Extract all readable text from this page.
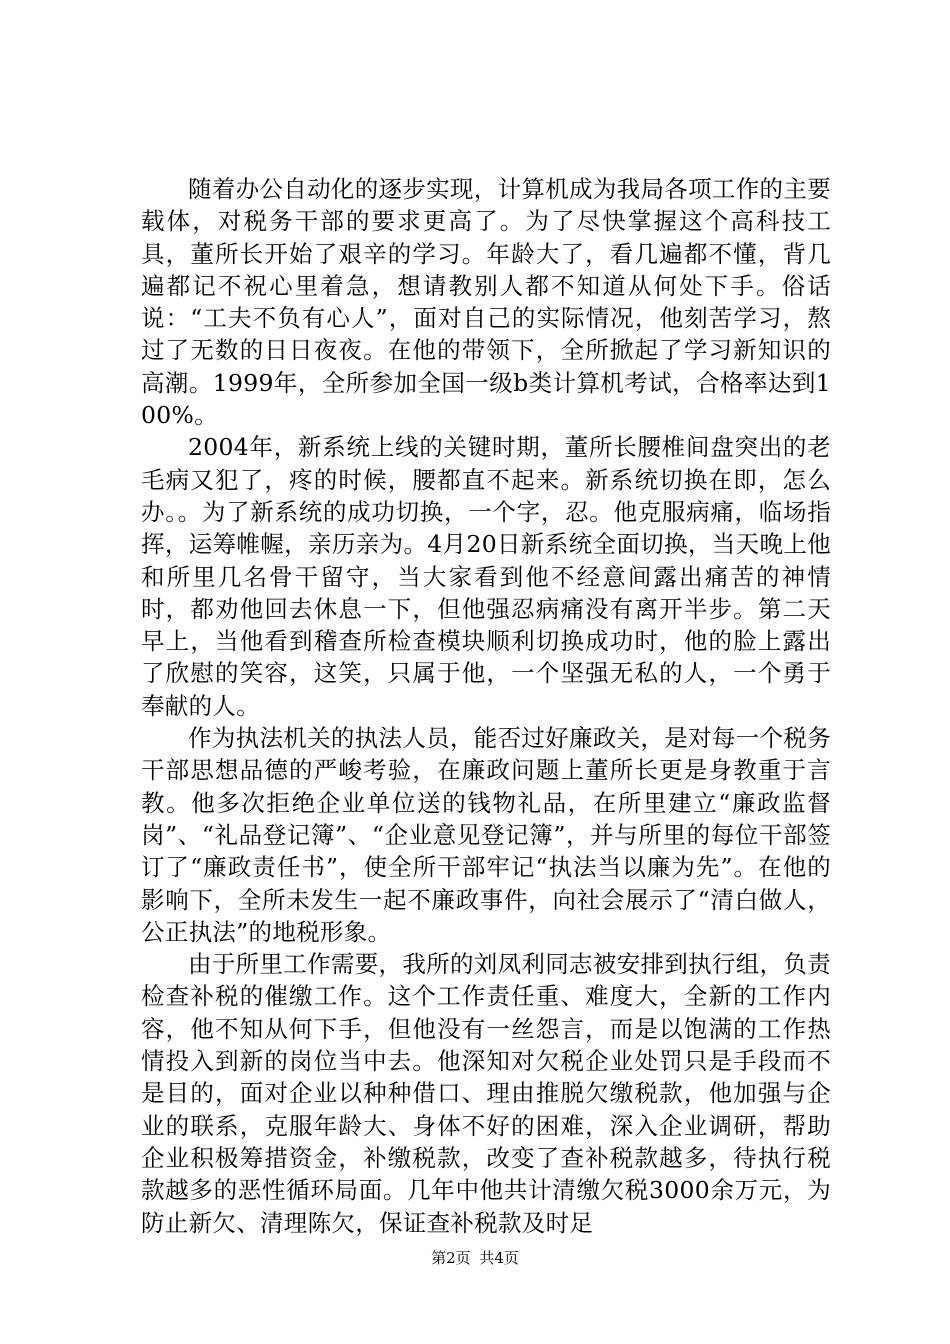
随着办公自动化的逐步实现，计算机成为我局各项工作的主要载体，对税务干部的要求更高了。为了尽快掌握这个高科技工具，董所长开始了艰辛的学习。年龄大了，看几遍都不懂，背几遍都记不祝心里着急，想请教别人都不知道从何处下手。俗话说：“工夫不负有心人”，面对自己的实际情况，他刻苦学习，熬过了无数的日日夜夜。在他的带领下，全所掀起了学习新知识的高潮。1999年，全所参加全国一级b类计算机考试，合格率达到100%。

2004年，新系统上线的关键时期，董所长腰椎间盘突出的老毛病又犯了，疼的时候，腰都直不起来。新系统切换在即，怎么办。。为了新系统的成功切换，一个字，忍。他克服病痛，临场指挥，运筹帷幄，亲历亲为。4月20日新系统全面切换，当天晚上他和所里几名骨干留守，当大家看到他不经意间露出痛苦的神情时，都劝他回去休息一下，但他强忍病痛没有离开半步。第二天早上，当他看到稽查所检查模块顺利切换成功时，他的脸上露出了欣慰的笑容，这笑，只属于他，一个坚强无私的人，一个勇于奉献的人。

作为执法机关的执法人员，能否过好廉政关，是对每一个税务干部思想品德的严峻考验，在廉政问题上董所长更是身教重于言教。他多次拒绝企业单位送的钱物礼品，在所里建立“廉政监督岗”、“礼品登记簿”、“企业意见登记簿”，并与所里的每位干部签订了“廉政责任书”，使全所干部牢记“执法当以廉为先”。在他的影响下，全所未发生一起不廉政事件，向社会展示了“清白做人，公正执法”的地税形象。

由于所里工作需要，我所的刘凤利同志被安排到执行组，负责检查补税的催缴工作。这个工作责任重、难度大，全新的工作内容，他不知从何下手，但他没有一丝怨言，而是以饱满的工作热情投入到新的岗位当中去。他深知对欠税企业处罚只是手段而不是目的，面对企业以种种借口、理由推脱欠缴税款，他加强与企业的联系，克服年龄大、身体不好的困难，深入企业调研，帮助企业积极筹措资金，补缴税款，改变了查补税款越多，待执行税款越多的恶性循环局面。几年中他共计清缴欠税3000余万元，为防止新欠、清理陈欠，保证查补税款及时足

第2页 共4页
